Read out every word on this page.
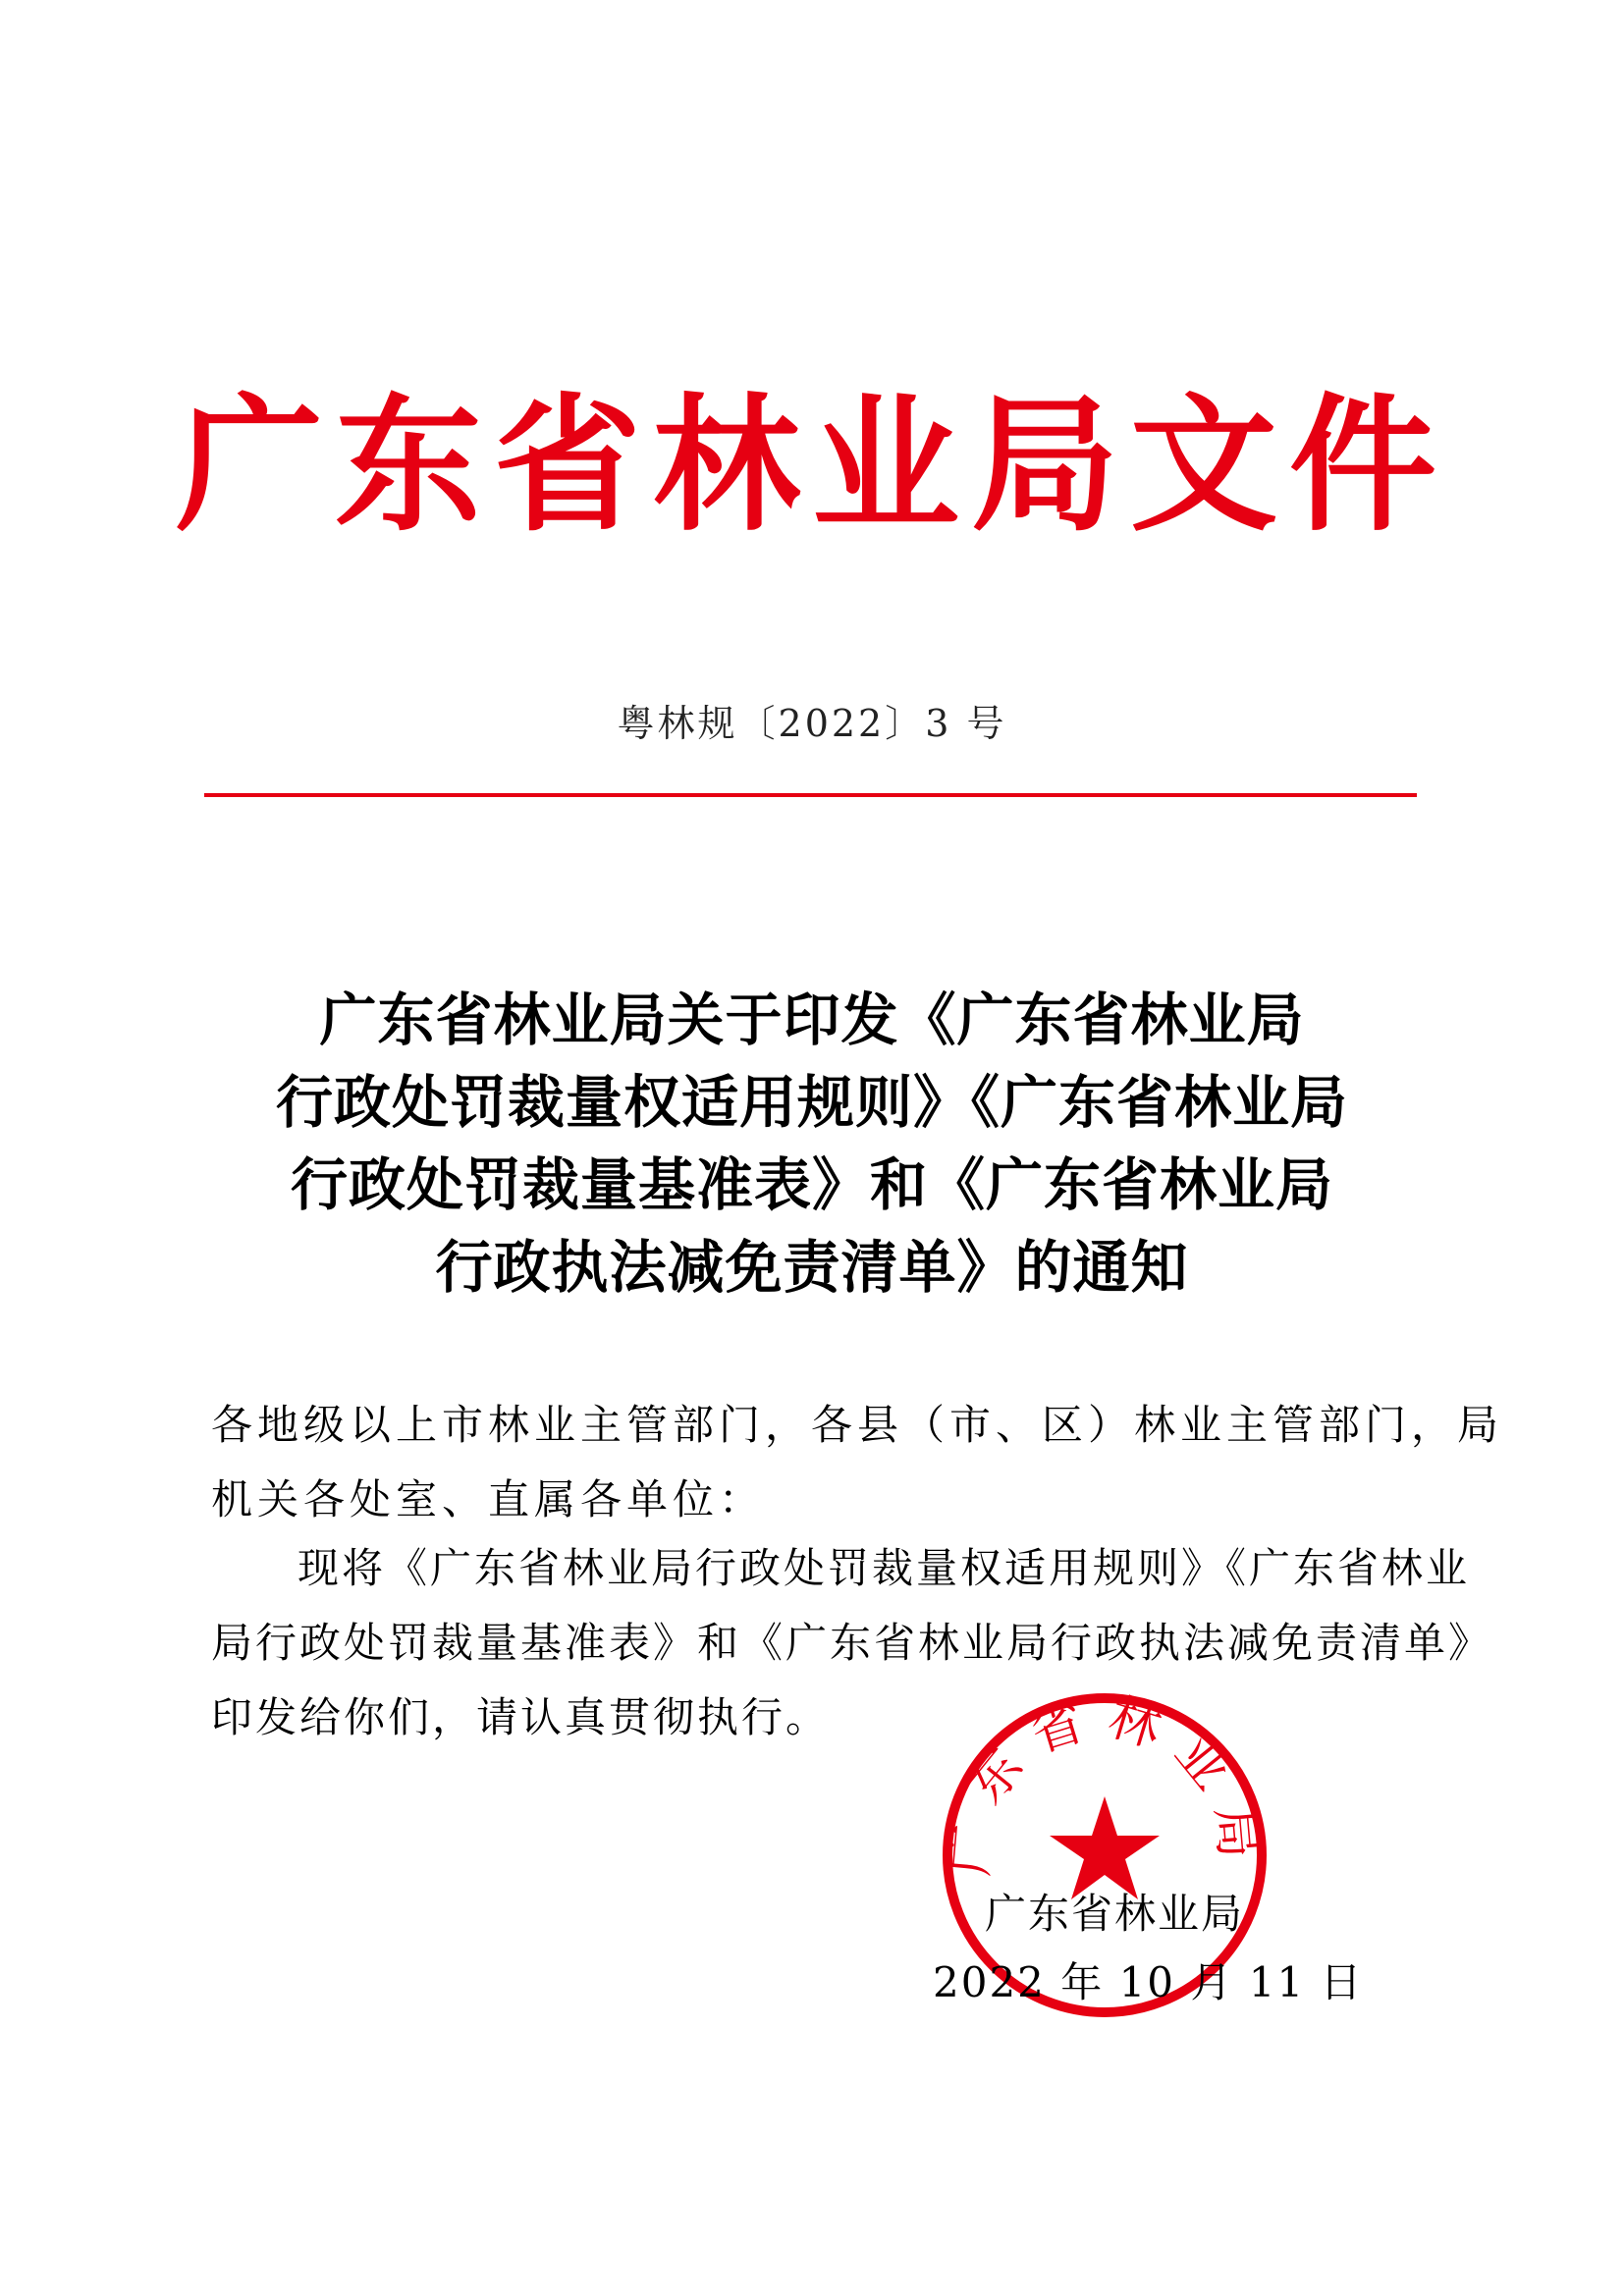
广东省林业局文件
粤林规〔2022〕3 号
广东省林业局关于印发《广东省林业局
行政处罚裁量权适用规则》《广东省林业局
行政处罚裁量基准表》和《广东省林业局
行政执法减免责清单》的通知
各地级以上市林业主管部门，各县（市、区）林业主管部门，局
机关各处室、直属各单位：
现将《广东省林业局行政处罚裁量权适用规则》《广东省林业
局行政处罚裁量基准表》和《广东省林业局行政执法减免责清单》
印发给你们，请认真贯彻执行。
广东省林业局
广东省林业局
2022 年 10 月 11 日
